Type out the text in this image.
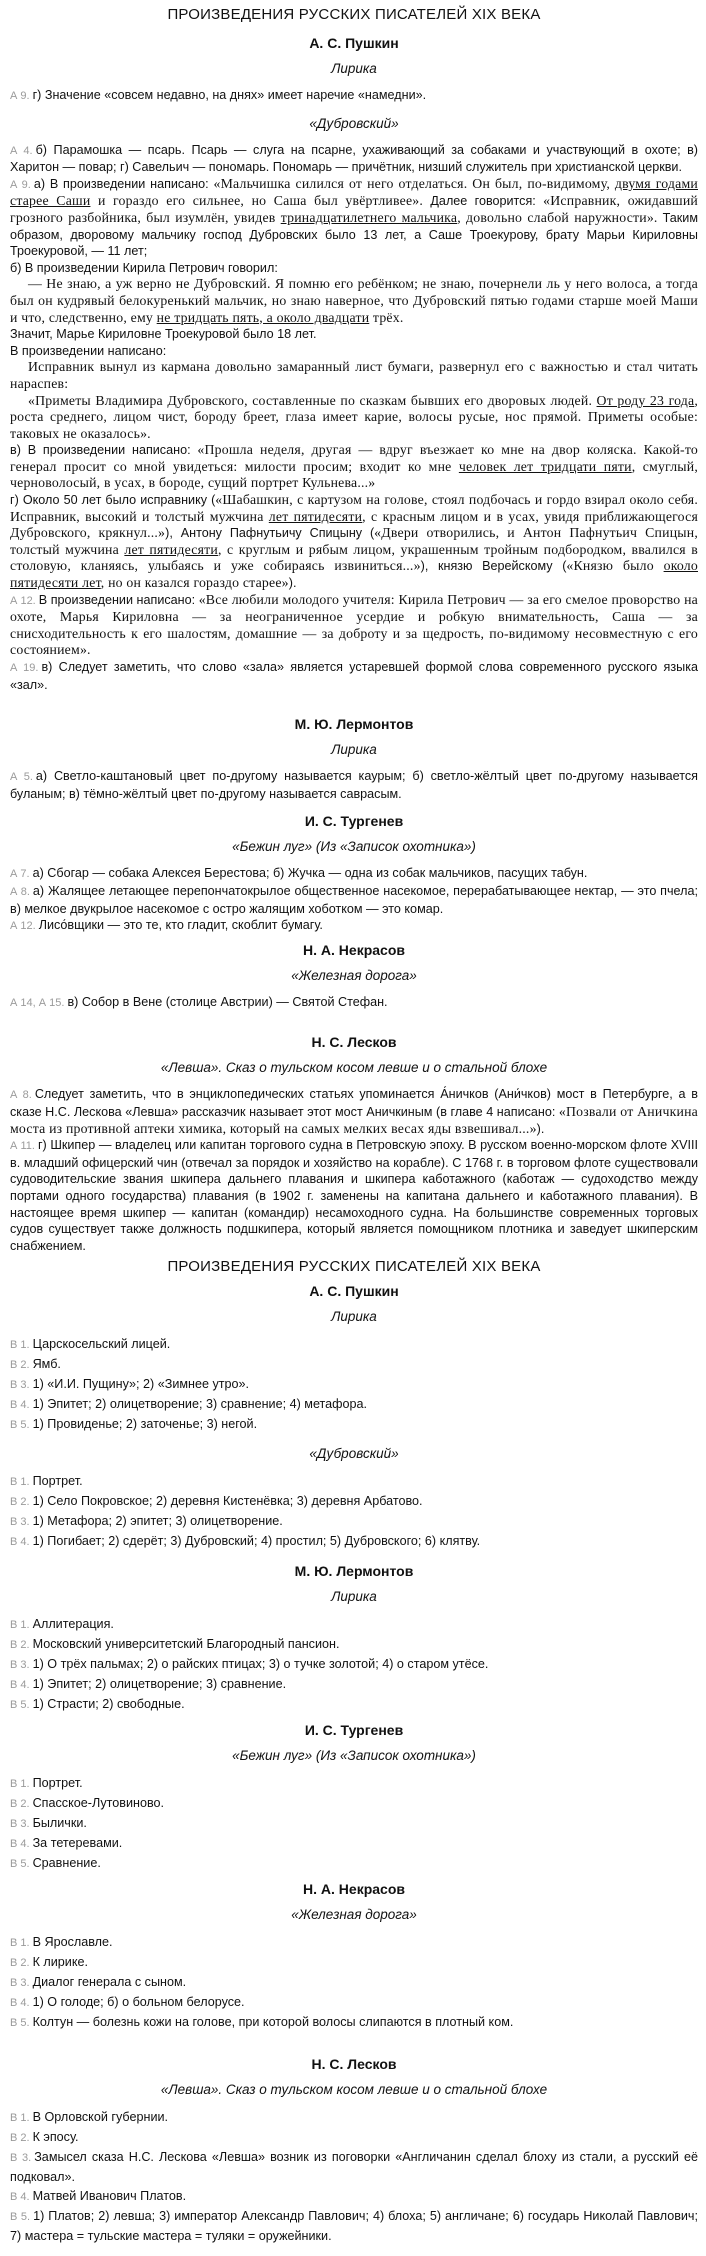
ПРОИЗВЕДЕНИЯ РУССКИХ ПИСАТЕЛЕЙ XIX ВЕКА
А. С. Пушкин
Лирика

А 9. г) Значение «совсем недавно, на днях» имеет наречие «намедни».

«Дубровский»

А 4. б) Парамошка — псарь. Псарь — слуга на псарне, ухаживающий за собаками и участвующий в охоте; в) Харитон — повар; г) Савельич — пономарь. Пономарь — причётник, низший служитель при христианской церкви.

А 9. а) В произведении написано: «Мальчишка силился от него отделаться. Он был, по-видимому, двумя годами старее Саши и гораздо его сильнее, но Саша был увёртливее». Далее говорится: «Исправник, ожидавший грозного разбойника, был изумлён, увидев тринадцатилетнего мальчика, довольно слабой наружности». Таким образом, дворовому мальчику господ Дубровских было 13 лет, а Саше Троекурову, брату Марьи Кириловны Троекуровой, — 11 лет;

б) В произведении Кирила Петрович говорил:

— Не знаю, а уж верно не Дубровский. Я помню его ребёнком; не знаю, почернели ль у него волоса, а тогда был он кудрявый белокуренький мальчик, но знаю наверное, что Дубровский пятью годами старше моей Маши и что, следственно, ему не тридцать пять, а около двадцати трёх.

Значит, Марье Кириловне Троекуровой было 18 лет.

В произведении написано:

Исправник вынул из кармана довольно замаранный лист бумаги, развернул его с важностью и стал читать нараспев:

«Приметы Владимира Дубровского, составленные по сказкам бывших его дворовых людей. От роду 23 года, роста среднего, лицом чист, бороду бреет, глаза имеет карие, волосы русые, нос прямой. Приметы особые: таковых не оказалось».

в) В произведении написано: «Прошла неделя, другая — вдруг въезжает ко мне на двор коляска. Какой-то генерал просит со мной увидеться: милости просим; входит ко мне человек лет тридцати пяти, смуглый, черноволосый, в усах, в бороде, сущий портрет Кульнева...»

г) Около 50 лет было исправнику («Шабашкин, с картузом на голове, стоял подбочась и гордо взирал около себя. Исправник, высокий и толстый мужчина лет пятидесяти, с красным лицом и в усах, увидя приближающегося Дубровского, крякнул...»), Антону Пафнутьичу Спицыну («Двери отворились, и Антон Пафнутьич Спицын, толстый мужчина лет пятидесяти, с круглым и рябым лицом, украшенным тройным подбородком, ввалился в столовую, кланяясь, улыбаясь и уже собираясь извиниться...»), князю Верейскому («Князю было около пятидесяти лет, но он казался гораздо старее»).

А 12. В произведении написано: «Все любили молодого учителя: Кирила Петрович — за его смелое проворство на охоте, Марья Кириловна — за неограниченное усердие и робкую внимательность, Саша — за снисходительность к его шалостям, домашние — за доброту и за щедрость, по-видимому несовместную с его состоянием».

А 19. в) Следует заметить, что слово «зала» является устаревшей формой слова современного русского языка «зал».

М. Ю. Лермонтов
Лирика

А 5. а) Светло-каштановый цвет по-другому называется каурым; б) светло-жёлтый цвет по-другому называется буланым; в) тёмно-жёлтый цвет по-другому называется саврасым.

И. С. Тургенев
«Бежин луг» (Из «Записок охотника»)

А 7. а) Сбогар — собака Алексея Берестова; б) Жучка — одна из собак мальчиков, пасущих табун.

А 8. а) Жалящее летающее перепончатокрылое общественное насекомое, перерабатывающее нектар, — это пчела; в) мелкое двукрылое насекомое с остро жалящим хоботком — это комар.

А 12. Лисо́вщики — это те, кто гладит, скоблит бумагу.

Н. А. Некрасов
«Железная дорога»

А 14, А 15. в) Собор в Вене (столице Австрии) — Святой Стефан.

Н. С. Лесков
«Левша». Сказ о тульском косом левше и о стальной блохе

А 8. Следует заметить, что в энциклопедических статьях упоминается А́ничков (Ани́чков) мост в Петербурге, а в сказе Н.С. Лескова «Левша» рассказчик называет этот мост Аничкиным (в главе 4 написано: «Позвали от Аничкина моста из противной аптеки химика, который на самых мелких весах яды взвешивал...»).

А 11. г) Шкипер — владелец или капитан торгового судна в Петровскую эпоху. В русском военно-морском флоте XVIII в. младший офицерский чин (отвечал за порядок и хозяйство на корабле). С 1768 г. в торговом флоте существовали судоводительские звания шкипера дальнего плавания и шкипера каботажного (каботаж — судоходство между портами одного государства) плавания (в 1902 г. заменены на капитана дальнего и каботажного плавания). В настоящее время шкипер — капитан (командир) несамоходного судна. На большинстве современных торговых судов существует также должность подшкипера, который является помощником плотника и заведует шкиперским снабжением.

ПРОИЗВЕДЕНИЯ РУССКИХ ПИСАТЕЛЕЙ XIX ВЕКА
А. С. Пушкин
Лирика

В 1. Царскосельский лицей.

В 2. Ямб.

В 3. 1) «И.И. Пущину»; 2) «Зимнее утро».

В 4. 1) Эпитет; 2) олицетворение; 3) сравнение; 4) метафора.

В 5. 1) Провиденье; 2) заточенье; 3) негой.

«Дубровский»

В 1. Портрет.

В 2. 1) Село Покровское; 2) деревня Кистенёвка; 3) деревня Арбатово.

В 3. 1) Метафора; 2) эпитет; 3) олицетворение.

В 4. 1) Погибает; 2) сдерёт; 3) Дубровский; 4) простил; 5) Дубровского; 6) клятву.

М. Ю. Лермонтов
Лирика

В 1. Аллитерация.

В 2. Московский университетский Благородный пансион.

В 3. 1) О трёх пальмах; 2) о райских птицах; 3) о тучке золотой; 4) о старом утёсе.

В 4. 1) Эпитет; 2) олицетворение; 3) сравнение.

В 5. 1) Страсти; 2) свободные.

И. С. Тургенев
«Бежин луг» (Из «Записок охотника»)

В 1. Портрет.

В 2. Спасское-Лутовиново.

В 3. Былички.

В 4. За тетеревами.

В 5. Сравнение.

Н. А. Некрасов
«Железная дорога»

В 1. В Ярославле.

В 2. К лирике.

В 3. Диалог генерала с сыном.

В 4. 1) О голоде; б) о больном белорусе.

В 5. Колтун — болезнь кожи на голове, при которой волосы слипаются в плотный ком.

Н. С. Лесков
«Левша». Сказ о тульском косом левше и о стальной блохе

В 1. В Орловской губернии.

В 2. К эпосу.

В 3. Замысел сказа Н.С. Лескова «Левша» возник из поговорки «Англичанин сделал блоху из стали, а русский её подковал».

В 4. Матвей Иванович Платов.

В 5. 1) Платов; 2) левша; 3) император Александр Павлович; 4) блоха; 5) англичане; 6) государь Николай Павлович; 7) мастера = тульские мастера = туляки = оружейники.
